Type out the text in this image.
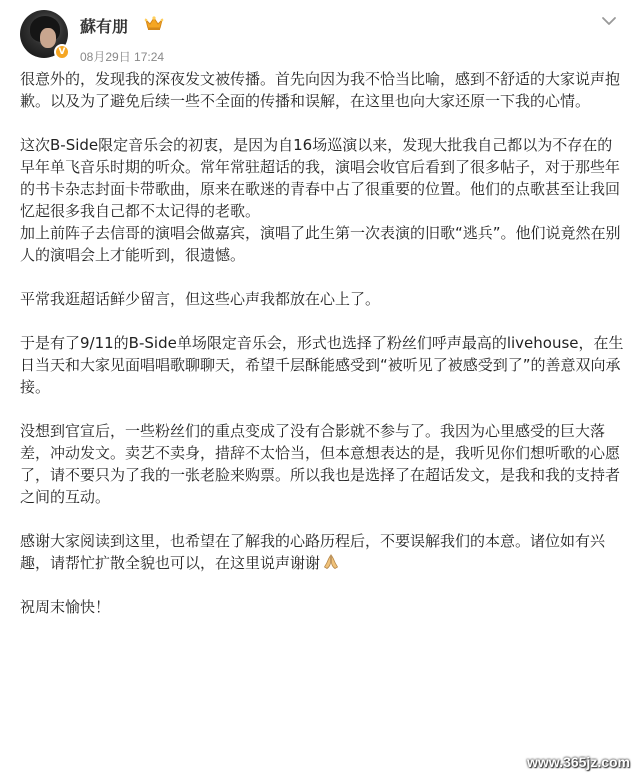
V
蘇有朋
08月29日 17:24

很意外的，发现我的深夜发文被传播。首先向因为我不恰当比喻，感到不舒适的大家说声抱歉。以及为了避免后续一些不全面的传播和误解，在这里也向大家还原一下我的心情。

这次B-Side限定音乐会的初衷，是因为自16场巡演以来，发现大批我自己都以为不存在的早年单飞音乐时期的听众。常年常驻超话的我，演唱会收官后看到了很多帖子，对于那些年的书卡杂志封面卡带歌曲，原来在歌迷的青春中占了很重要的位置。他们的点歌甚至让我回忆起很多我自己都不太记得的老歌。

加上前阵子去信哥的演唱会做嘉宾，演唱了此生第一次表演的旧歌“逃兵”。他们说竟然在别人的演唱会上才能听到，很遗憾。

平常我逛超话鲜少留言，但这些心声我都放在心上了。

于是有了9/11的B-Side单场限定音乐会，形式也选择了粉丝们呼声最高的livehouse，在生日当天和大家见面唱唱歌聊聊天，希望千层酥能感受到“被听见了被感受到了”的善意双向承接。

没想到官宣后，一些粉丝们的重点变成了没有合影就不参与了。我因为心里感受的巨大落差，冲动发文。卖艺不卖身，措辞不太恰当，但本意想表达的是，我听见你们想听歌的心愿了，请不要只为了我的一张老脸来购票。所以我也是选择了在超话发文，是我和我的支持者之间的互动。

感谢大家阅读到这里，也希望在了解我的心路历程后，不要误解我们的本意。诸位如有兴趣，请帮忙扩散全貌也可以，在这里说声谢谢

祝周末愉快！

www.365jz.com
